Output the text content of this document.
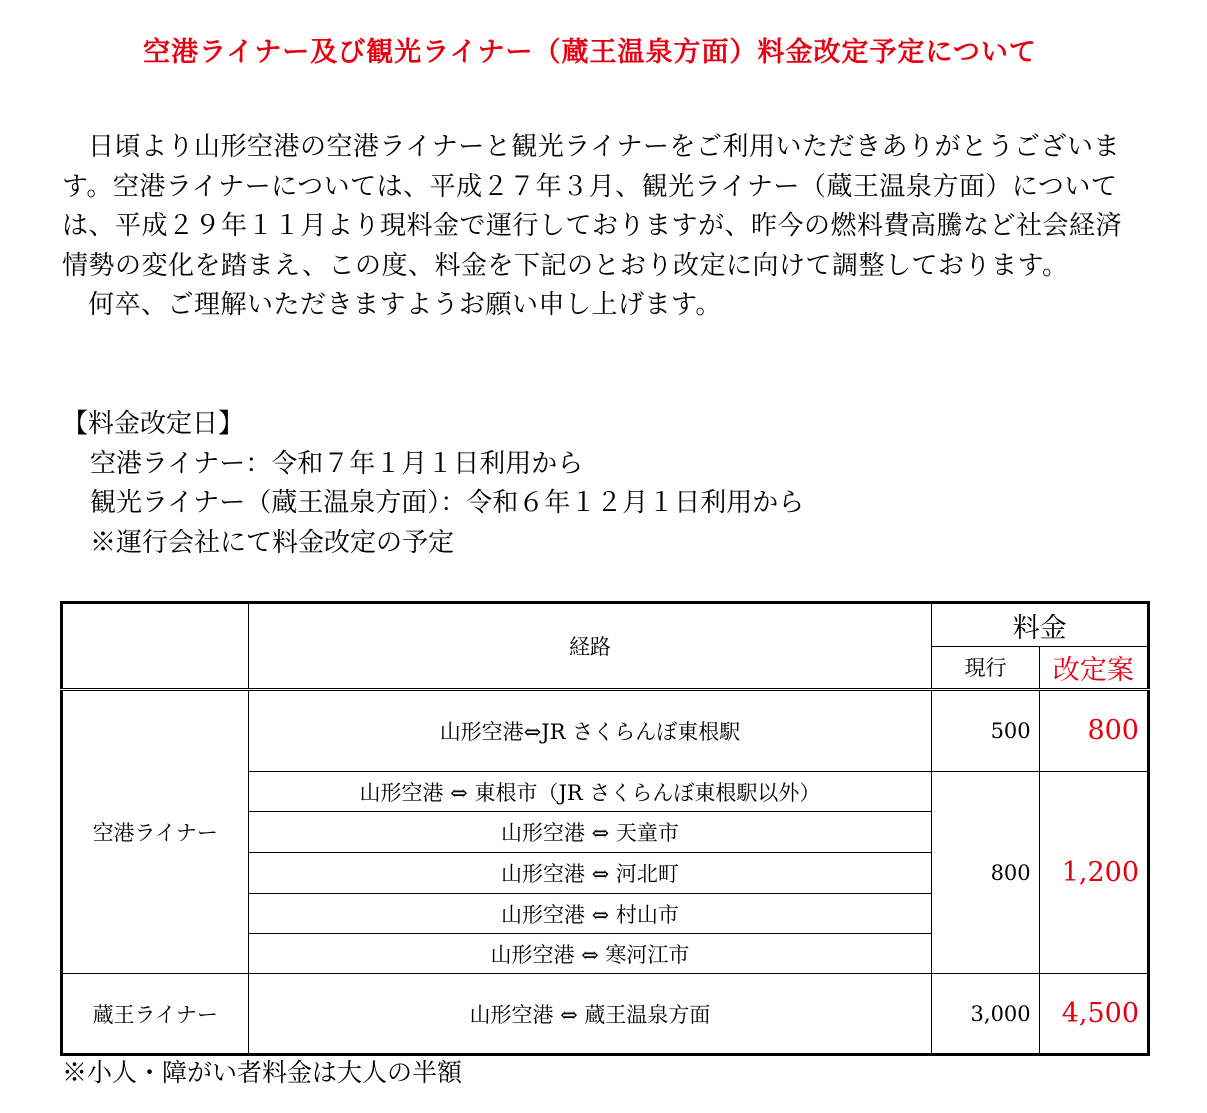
空港ライナー及び観光ライナー（蔵王温泉方面）料金改定予定について

日頃より山形空港の空港ライナーと観光ライナーをご利用いただきありがとうございます。空港ライナーについては、平成２７年３月、観光ライナー（蔵王温泉方面）については、平成２９年１１月より現料金で運行しておりますが、昨今の燃料費高騰など社会経済情勢の変化を踏まえ、この度、料金を下記のとおり改定に向けて調整しております。

何卒、ご理解いただきますようお願い申し上げます。

【料金改定日】
空港ライナー：令和７年１月１日利用から
観光ライナー（蔵王温泉方面）：令和６年１２月１日利用から
※運行会社にて料金改定の予定
	経路	料金	
		現行	改定案
空港ライナー	山形空港⇔JR さくらんぼ東根駅	500	800
	山形空港 ⇔ 東根市（JR さくらんぼ東根駅以外）	800	1,200
	山形空港 ⇔ 天童市		
	山形空港 ⇔ 河北町		
	山形空港 ⇔ 村山市		
	山形空港 ⇔ 寒河江市		
蔵王ライナー	山形空港 ⇔ 蔵王温泉方面	3,000	4,500
※小人・障がい者料金は大人の半額
